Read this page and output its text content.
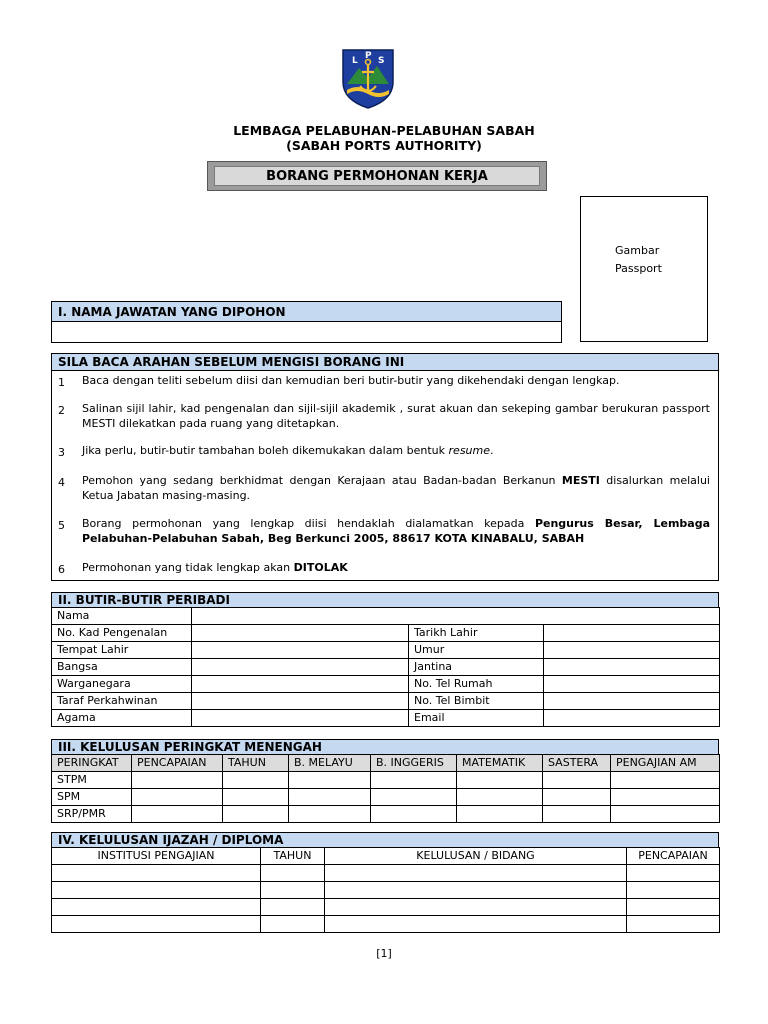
L P S
LEMBAGA PELABUHAN-PELABUHAN SABAH
(SABAH PORTS AUTHORITY)
BORANG PERMOHONAN KERJA
Gambar
Passport
I. NAMA JAWATAN YANG DIPOHON
SILA BACA ARAHAN SEBELUM MENGISI BORANG INI
1 Baca dengan teliti sebelum diisi dan kemudian beri butir-butir yang dikehendaki dengan lengkap.
2 Salinan sijil lahir, kad pengenalan dan sijil-sijil akademik , surat akuan dan sekeping gambar berukuran passport MESTI dilekatkan pada ruang yang ditetapkan.
3 Jika perlu, butir-butir tambahan boleh dikemukakan dalam bentuk resume.
4 Pemohon yang sedang berkhidmat dengan Kerajaan atau Badan-badan Berkanun MESTI disalurkan melalui Ketua Jabatan masing-masing.
5 Borang permohonan yang lengkap diisi hendaklah dialamatkan kepada Pengurus Besar, Lembaga Pelabuhan-Pelabuhan Sabah, Beg Berkunci 2005, 88617 KOTA KINABALU, SABAH
6 Permohonan yang tidak lengkap akan DITOLAK
II. BUTIR-BUTIR PERIBADI
Nama			
No. Kad Pengenalan		Tarikh Lahir	
Tempat Lahir		Umur	
Bangsa		Jantina	
Warganegara		No. Tel Rumah	
Taraf Perkahwinan		No. Tel Bimbit	
Agama		Email	
III. KELULUSAN PERINGKAT MENENGAH
PERINGKAT	PENCAPAIAN	TAHUN	B. MELAYU	B. INGGERIS	MATEMATIK	SASTERA	PENGAJIAN AM
STPM							
SPM							
SRP/PMR							
IV. KELULUSAN IJAZAH / DIPLOMA
INSTITUSI PENGAJIAN	TAHUN	KELULUSAN / BIDANG	PENCAPAIAN

[1]
